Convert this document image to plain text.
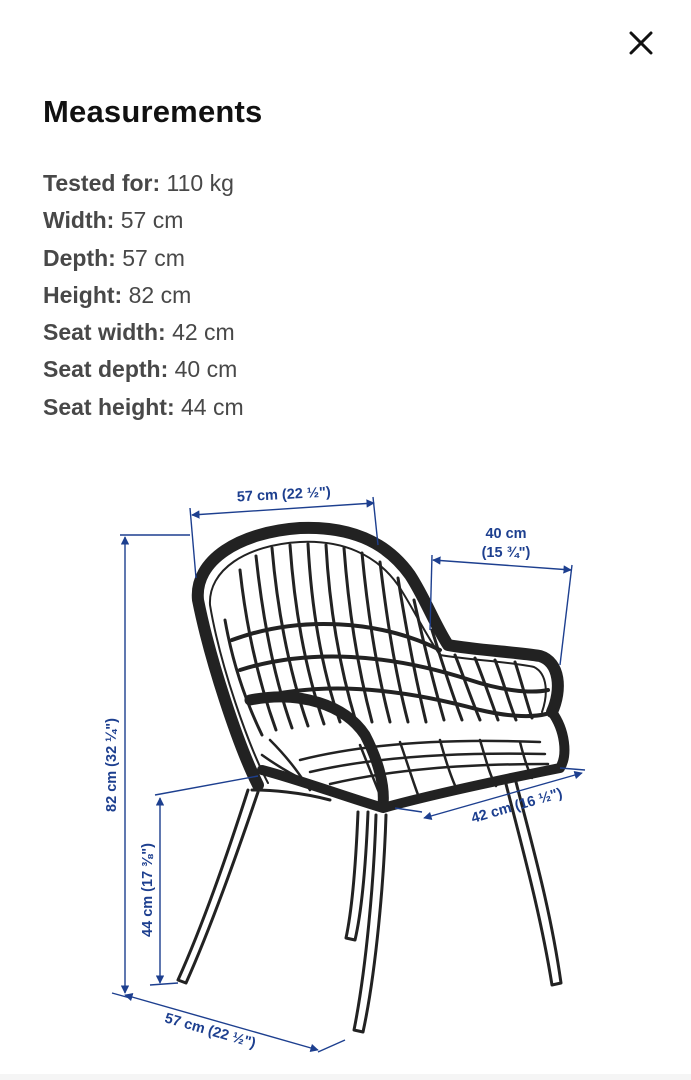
Measurements
Tested for: 110 kg
Width: 57 cm
Depth: 57 cm
Height: 82 cm
Seat width: 42 cm
Seat depth: 40 cm
Seat height: 44 cm
57 cm (22 ½")
40 cm
(15 ¾")
42 cm (16 ½")
82 cm (32 ¼")
44 cm (17 ⅜")
57 cm (22 ½")
